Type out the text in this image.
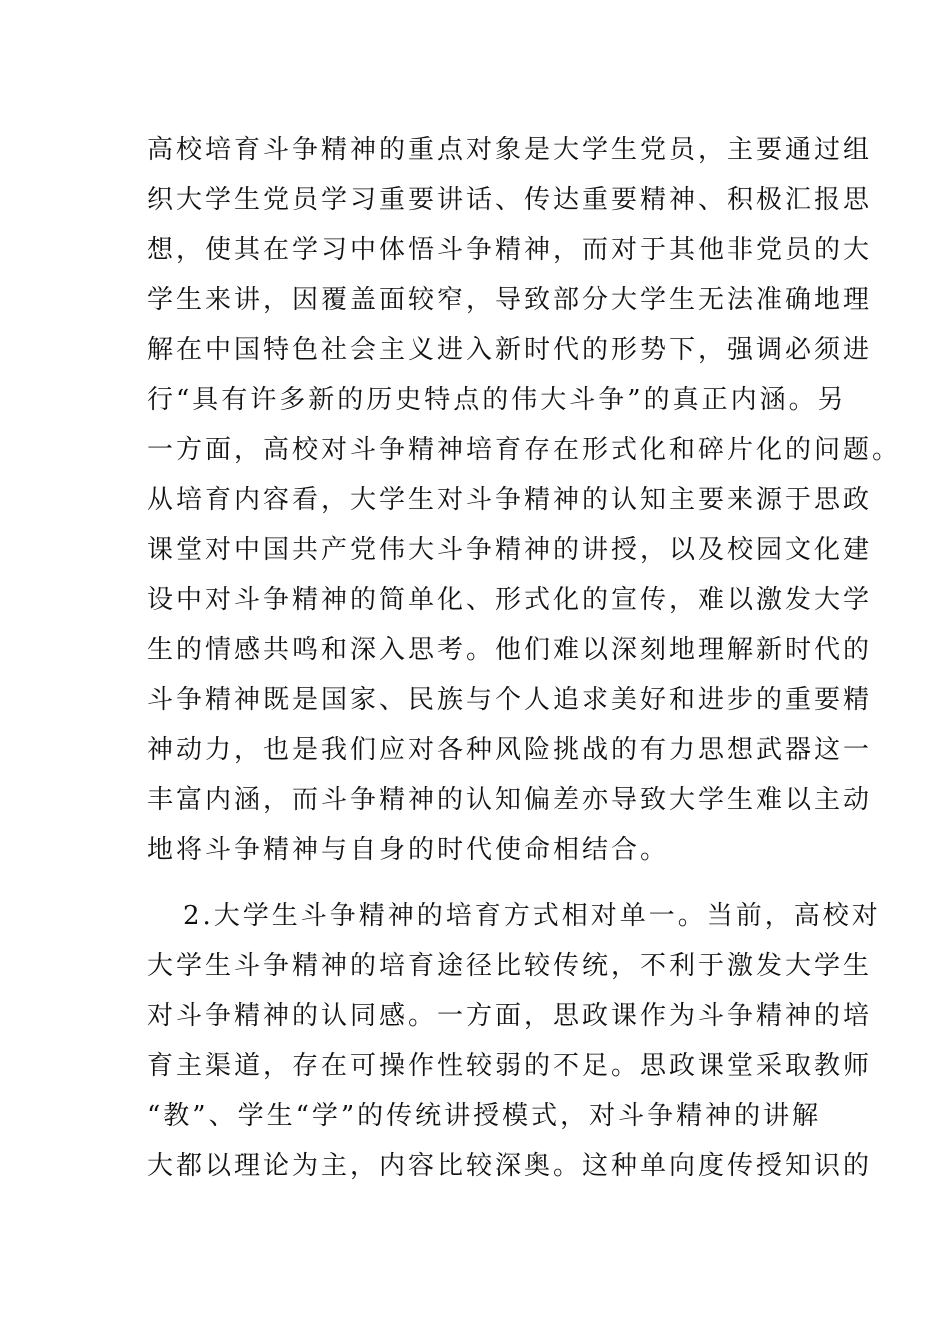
高校培育斗争精神的重点对象是大学生党员，主要通过组
织大学生党员学习重要讲话、传达重要精神、积极汇报思
想，使其在学习中体悟斗争精神，而对于其他非党员的大
学生来讲，因覆盖面较窄，导致部分大学生无法准确地理
解在中国特色社会主义进入新时代的形势下，强调必须进
行“具有许多新的历史特点的伟大斗争”的真正内涵。另
一方面，高校对斗争精神培育存在形式化和碎片化的问题。
从培育内容看，大学生对斗争精神的认知主要来源于思政
课堂对中国共产党伟大斗争精神的讲授，以及校园文化建
设中对斗争精神的简单化、形式化的宣传，难以激发大学
生的情感共鸣和深入思考。他们难以深刻地理解新时代的
斗争精神既是国家、民族与个人追求美好和进步的重要精
神动力，也是我们应对各种风险挑战的有力思想武器这一
丰富内涵，而斗争精神的认知偏差亦导致大学生难以主动
地将斗争精神与自身的时代使命相结合。
2.大学生斗争精神的培育方式相对单一。当前，高校对
大学生斗争精神的培育途径比较传统，不利于激发大学生
对斗争精神的认同感。一方面，思政课作为斗争精神的培
育主渠道，存在可操作性较弱的不足。思政课堂采取教师
“教”、学生“学”的传统讲授模式，对斗争精神的讲解
大都以理论为主，内容比较深奥。这种单向度传授知识的
